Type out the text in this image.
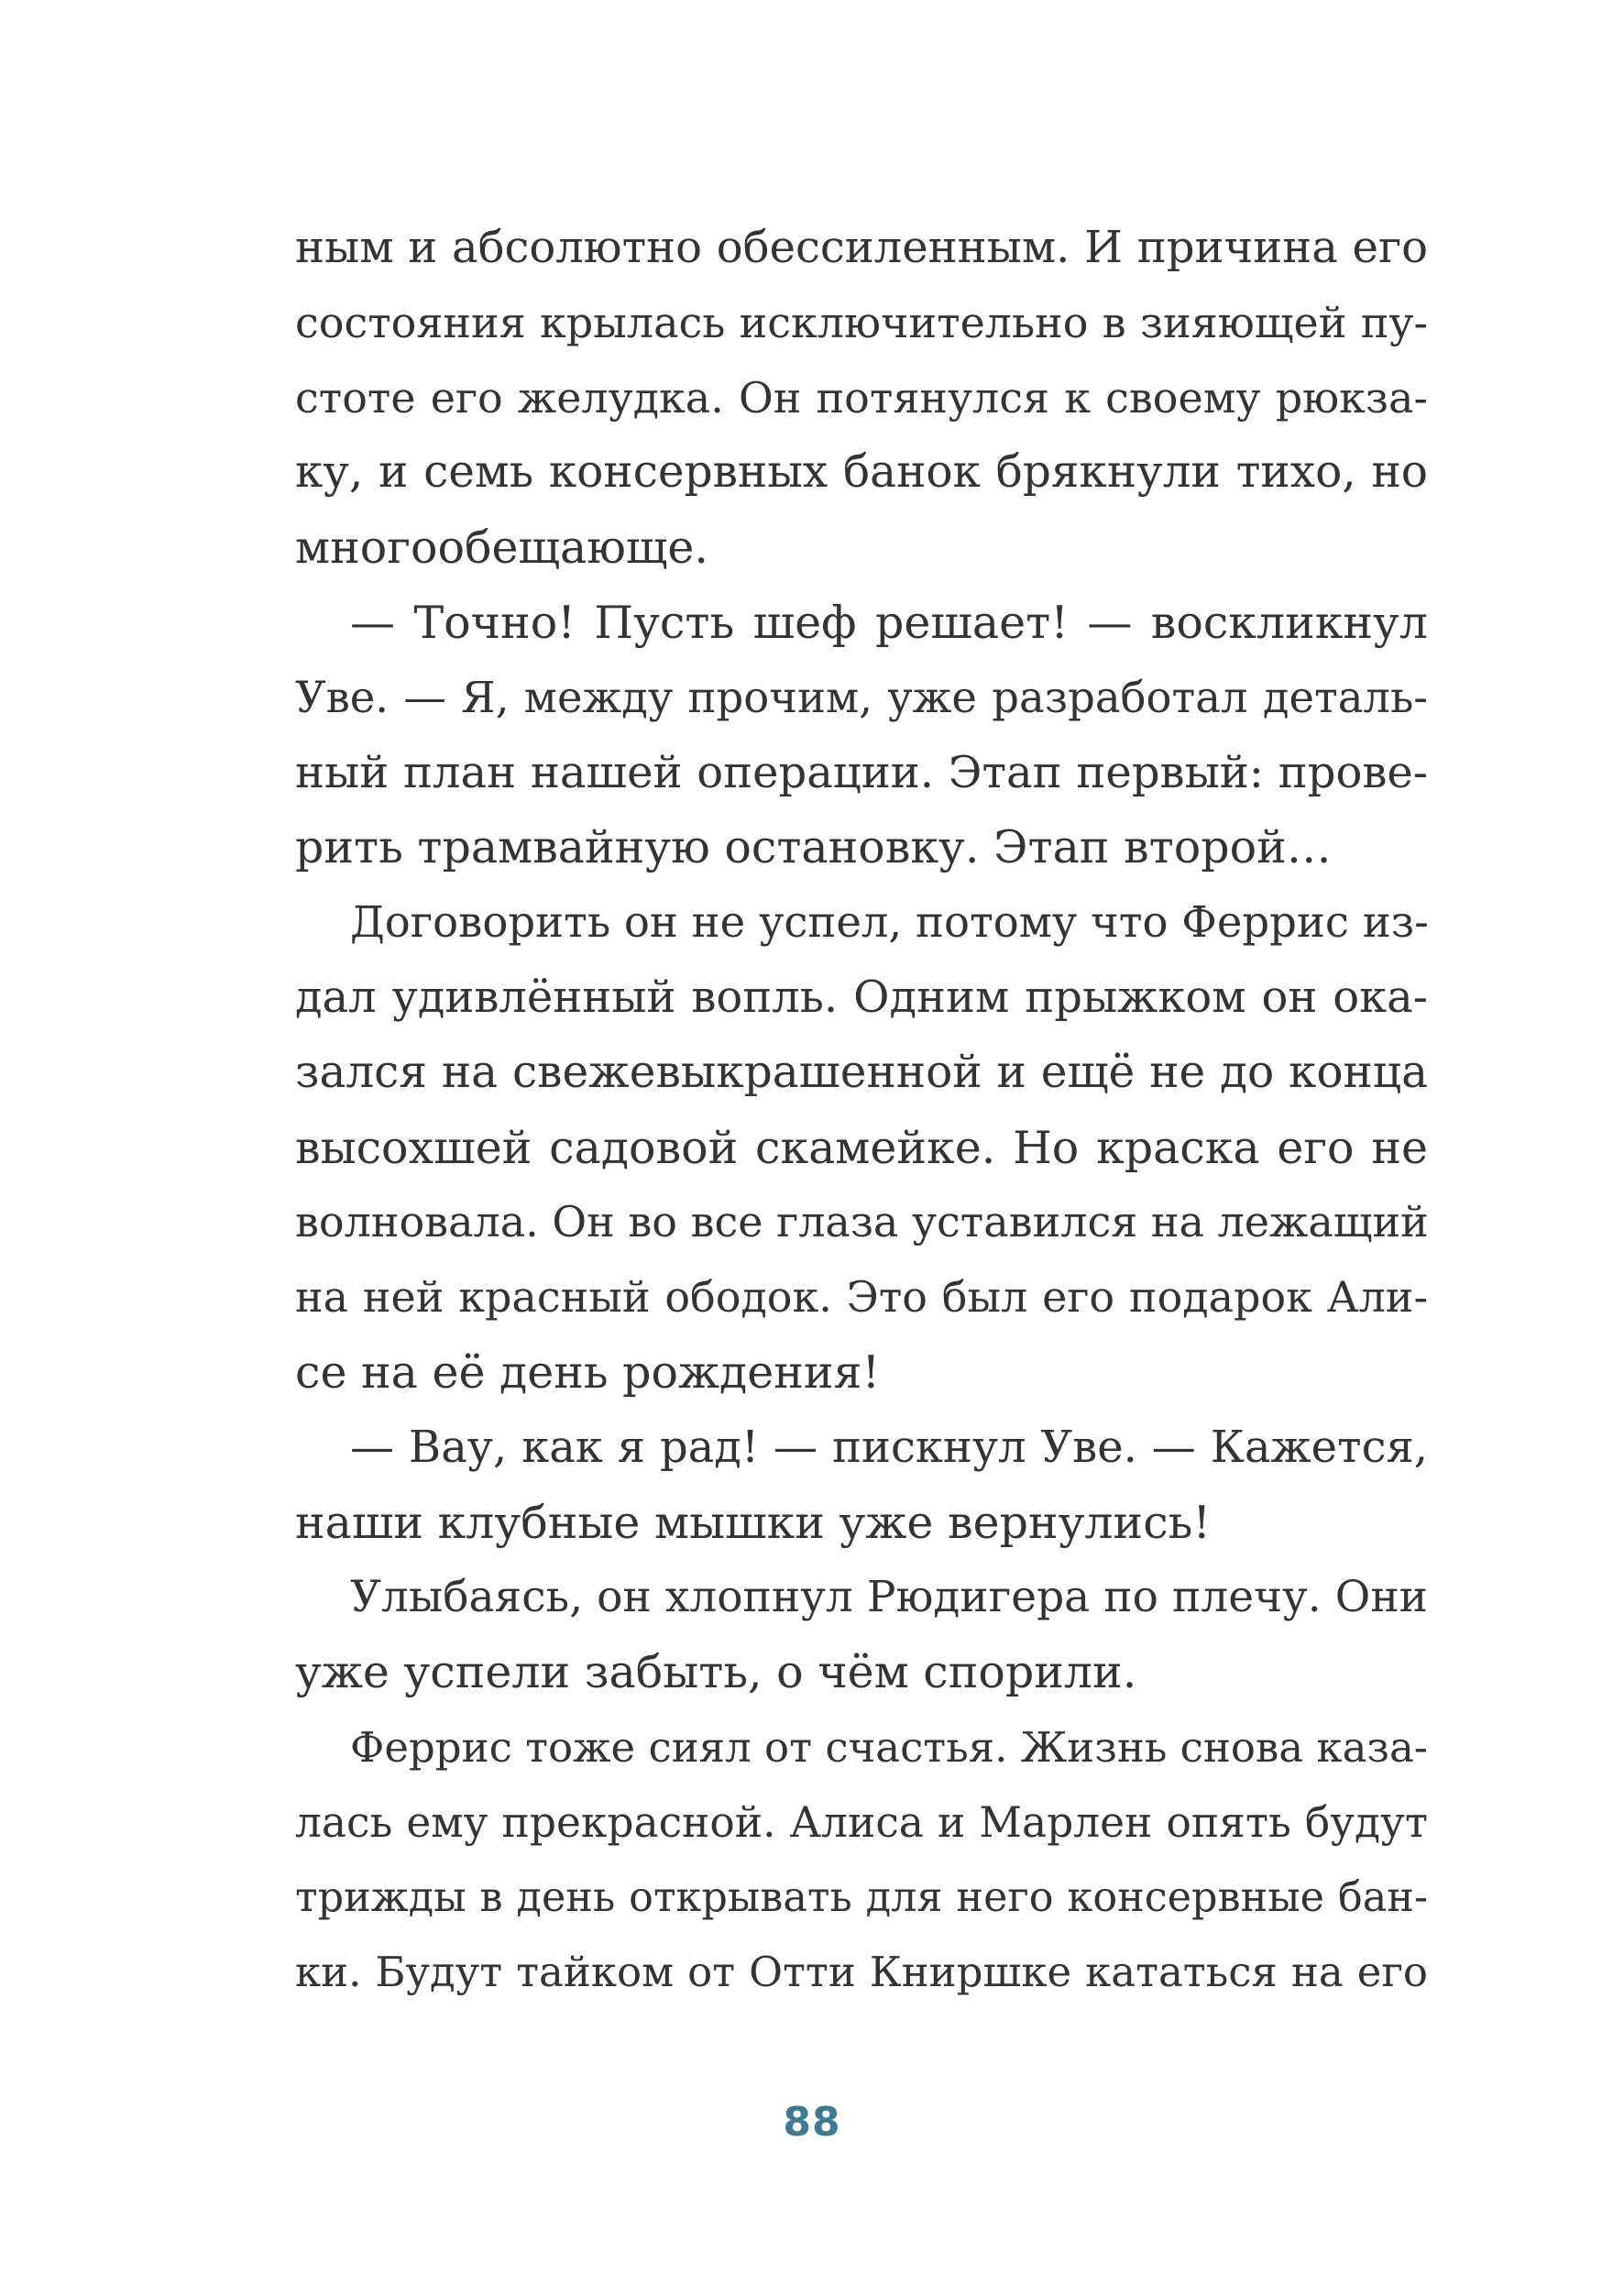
ным и абсолютно обессиленным. И причина его
состояния крылась исключительно в зияющей пу-
стоте его желудка. Он потянулся к своему рюкза-
ку, и семь консервных банок брякнули тихо, но
многообещающе.
— Точно! Пусть шеф решает! — воскликнул
Уве. — Я, между прочим, уже разработал деталь-
ный план нашей операции. Этап первый: прове-
рить трамвайную остановку. Этап второй…
Договорить он не успел, потому что Феррис из-
дал удивлённый вопль. Одним прыжком он ока-
зался на свежевыкрашенной и ещё не до конца
высохшей садовой скамейке. Но краска его не
волновала. Он во все глаза уставился на лежащий
на ней красный ободок. Это был его подарок Али-
се на её день рождения!
— Вау, как я рад! — пискнул Уве. — Кажется,
наши клубные мышки уже вернулись!
Улыбаясь, он хлопнул Рюдигера по плечу. Они
уже успели забыть, о чём спорили.
Феррис тоже сиял от счастья. Жизнь снова каза-
лась ему прекрасной. Алиса и Марлен опять будут
трижды в день открывать для него консервные бан-
ки. Будут тайком от Отти Книршке кататься на его
88
